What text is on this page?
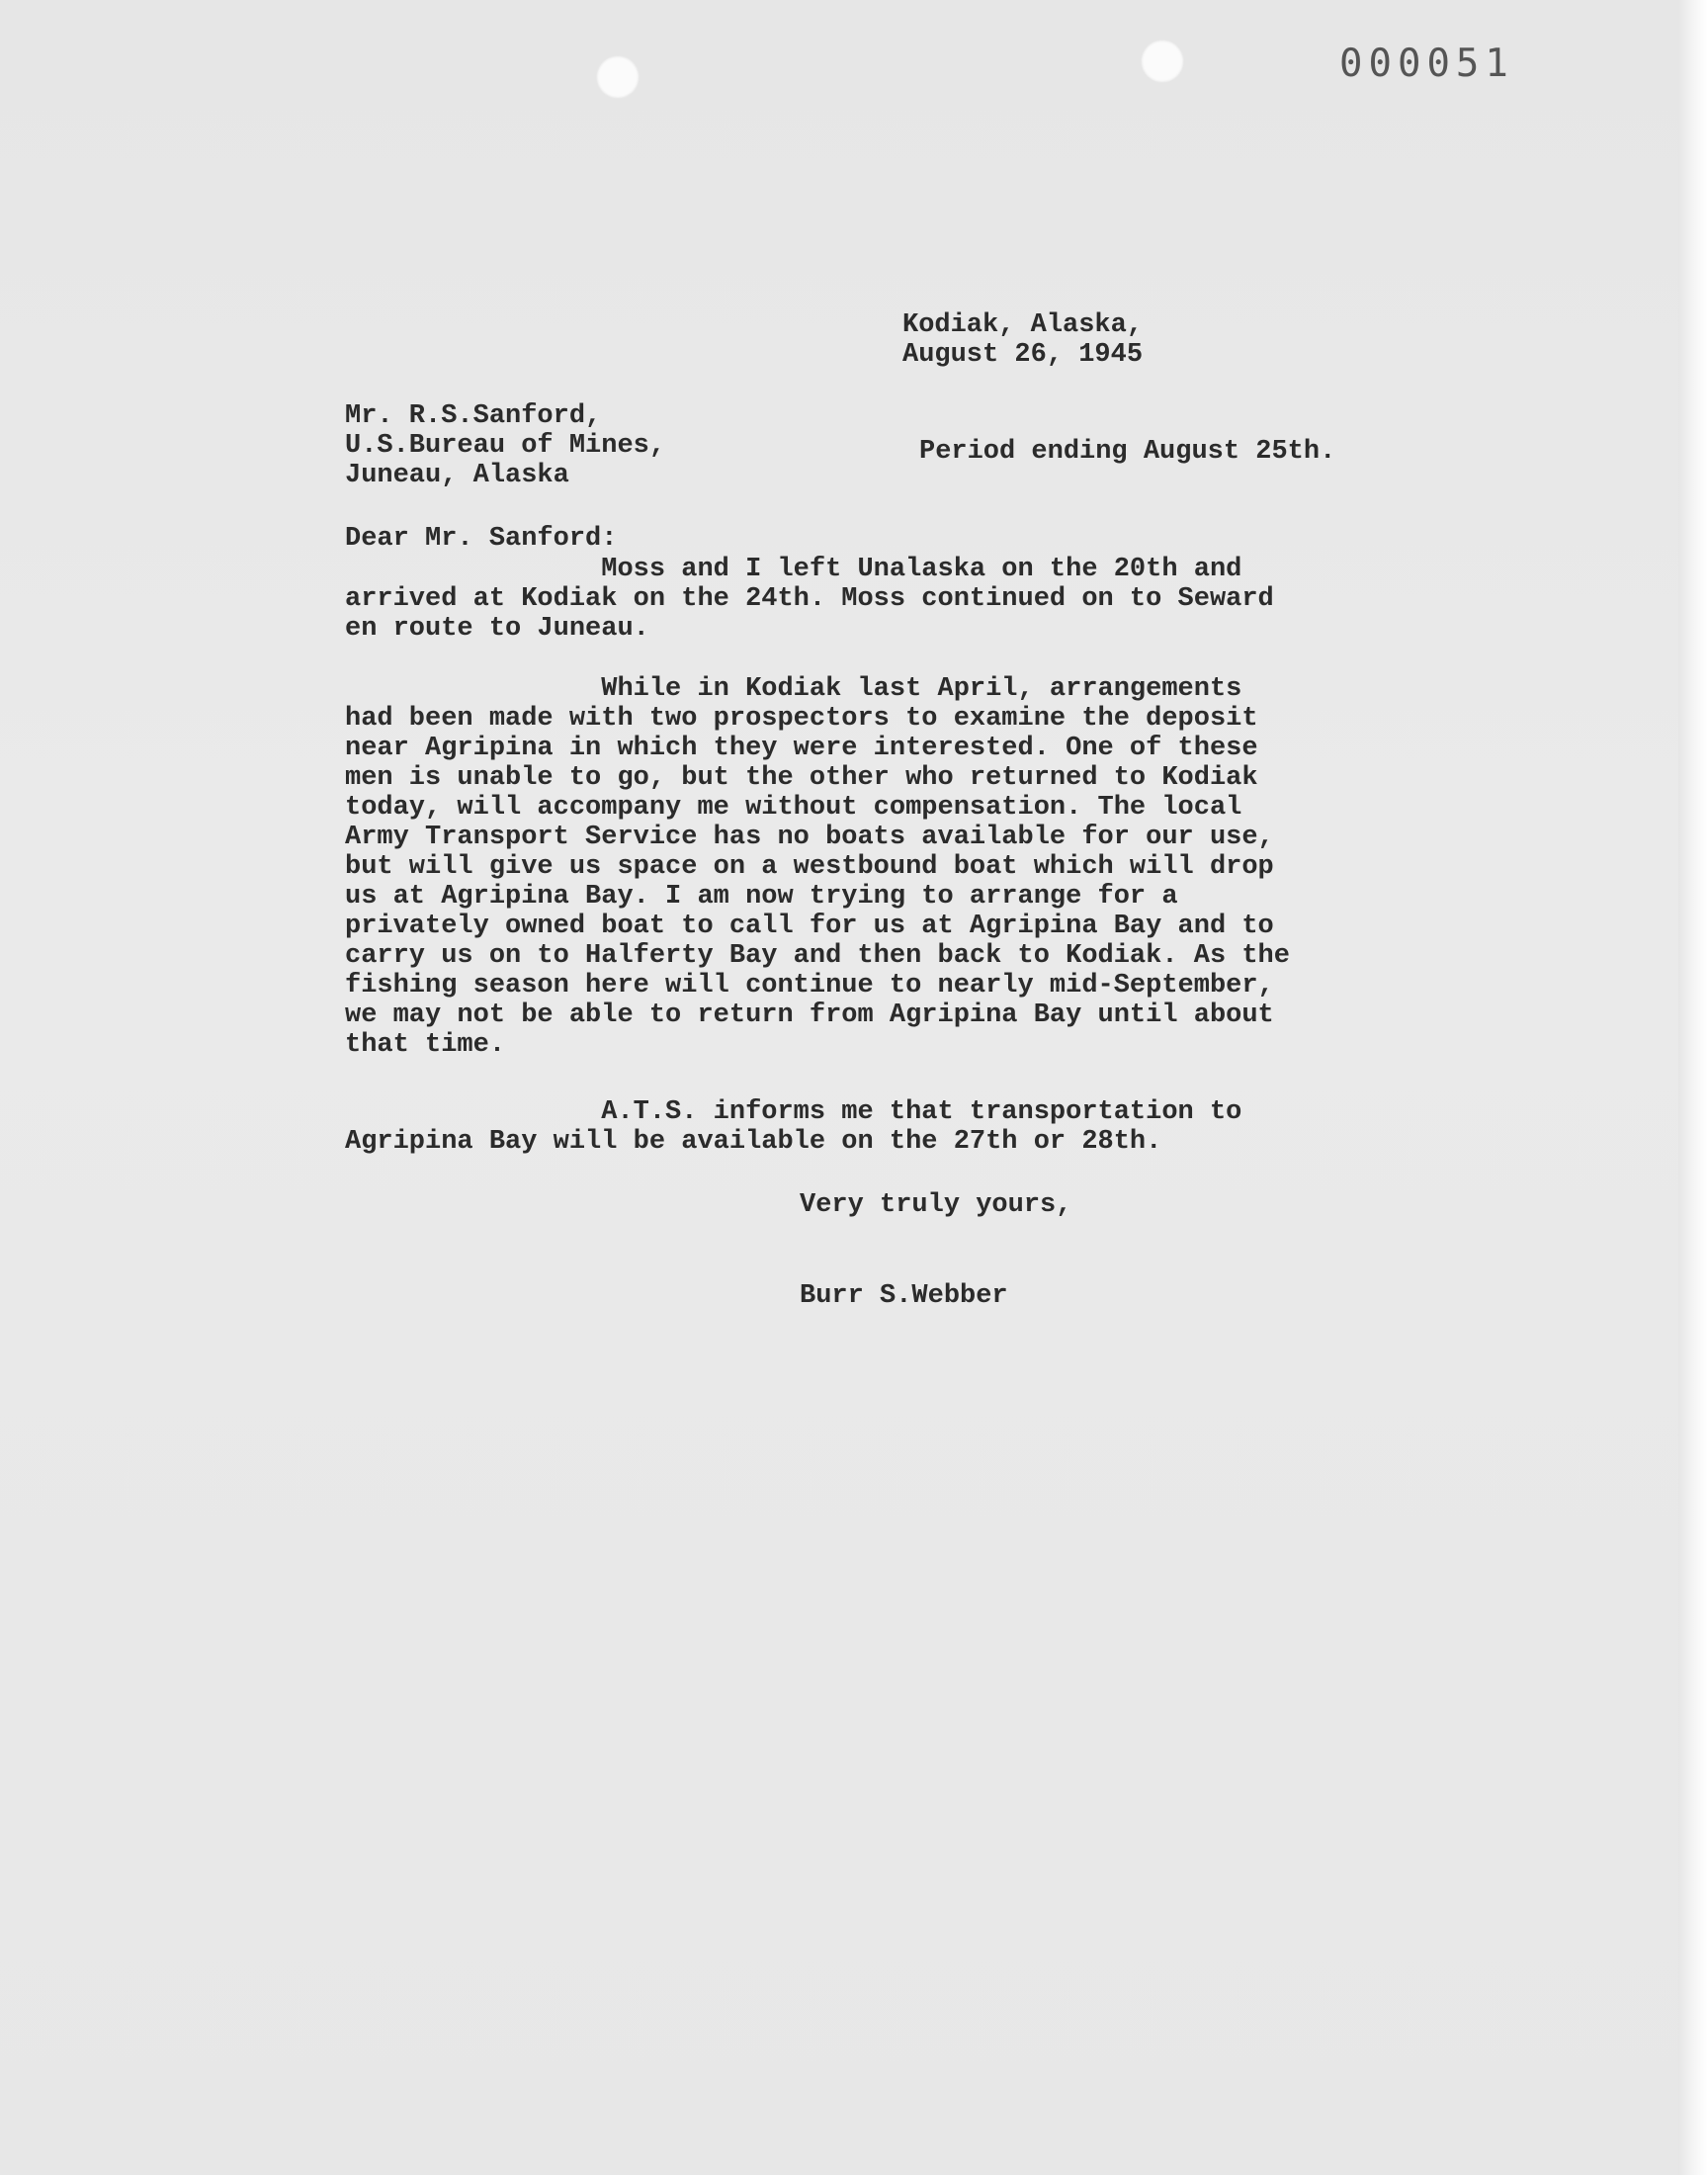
000051
Kodiak, Alaska,
August 26, 1945
Mr. R.S.Sanford,
U.S.Bureau of Mines,
Juneau, Alaska
Period ending August 25th.
Dear Mr. Sanford:
Moss and I left Unalaska on the 20th and
arrived at Kodiak on the 24th. Moss continued on to Seward
en route to Juneau.
While in Kodiak last April, arrangements
had been made with two prospectors to examine the deposit
near Agripina in which they were interested. One of these
men is unable to go, but the other who returned to Kodiak
today, will accompany me without compensation. The local
Army Transport Service has no boats available for our use,
but will give us space on a westbound boat which will drop
us at Agripina Bay. I am now trying to arrange for a
privately owned boat to call for us at Agripina Bay and to
carry us on to Halferty Bay and then back to Kodiak. As the
fishing season here will continue to nearly mid-September,
we may not be able to return from Agripina Bay until about
that time.
A.T.S. informs me that transportation to
Agripina Bay will be available on the 27th or 28th.
Very truly yours,
Burr S.Webber
